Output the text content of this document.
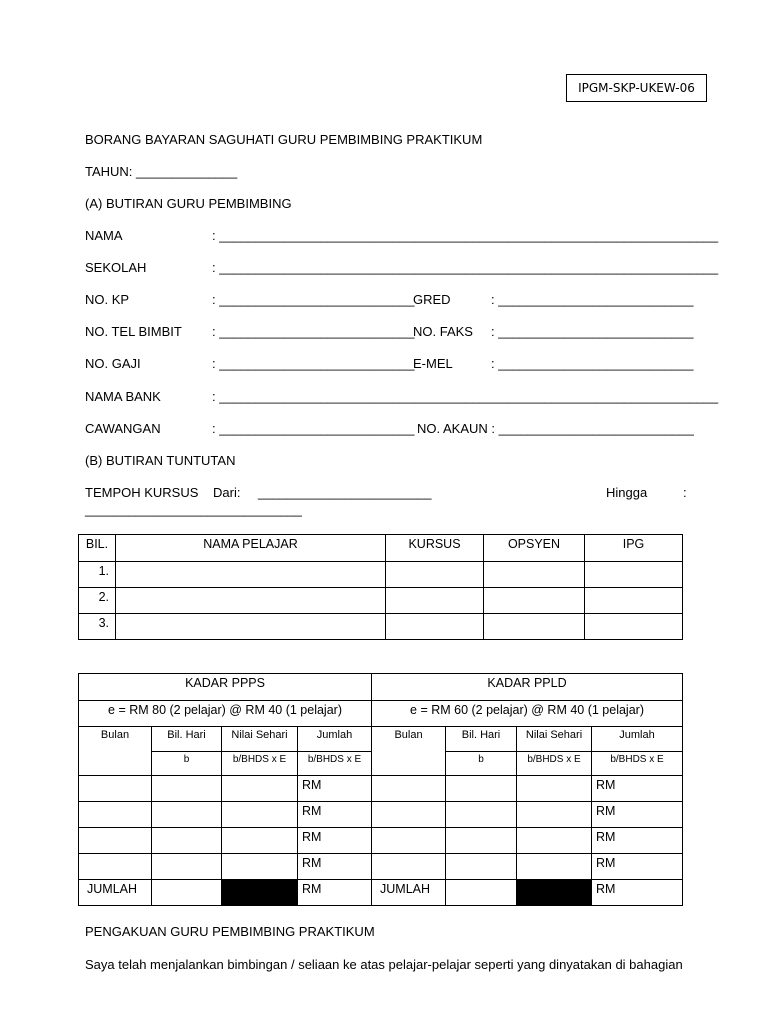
IPGM-SKP-UKEW-06
BORANG BAYARAN SAGUHATI GURU PEMBIMBING PRAKTIKUM
TAHUN: ______________
(A) BUTIRAN GURU PEMBIMBING
NAMA	: _____________________________________________________________________
SEKOLAH	: _____________________________________________________________________
NO. KP	: ___________________________
GRED	: ___________________________
NO. TEL BIMBIT : ___________________________
NO. FAKS : ___________________________
NO. GAJI	: ___________________________
E-MEL	: ___________________________
NAMA BANK	: _____________________________________________________________________
CAWANGAN	: ___________________________ NO. AKAUN : ___________________________
(B) BUTIRAN TUNTUTAN
TEMPOH KURSUS Dari: ________________________	Hingga	:
______________________________
BIL.	NAMA PELAJAR	KURSUS	OPSYEN	IPG
1.				
2.				
3.				
KADAR PPPS				KADAR PPLD			
e = RM 80 (2 pelajar) @ RM 40 (1 pelajar)				e = RM 60 (2 pelajar) @ RM 40 (1 pelajar)			
Bulan	Bil. Hari	Nilai Sehari	Jumlah	Bulan	Bil. Hari	Nilai Sehari	Jumlah
	b	b/BHDS x E	b/BHDS x E		b	b/BHDS x E	b/BHDS x E
			RM				RM
			RM				RM
			RM				RM
			RM				RM
JUMLAH			RM	JUMLAH			RM
PENGAKUAN GURU PEMBIMBING PRAKTIKUM
Saya telah menjalankan bimbingan / seliaan ke atas pelajar-pelajar seperti yang dinyatakan di bahagian
